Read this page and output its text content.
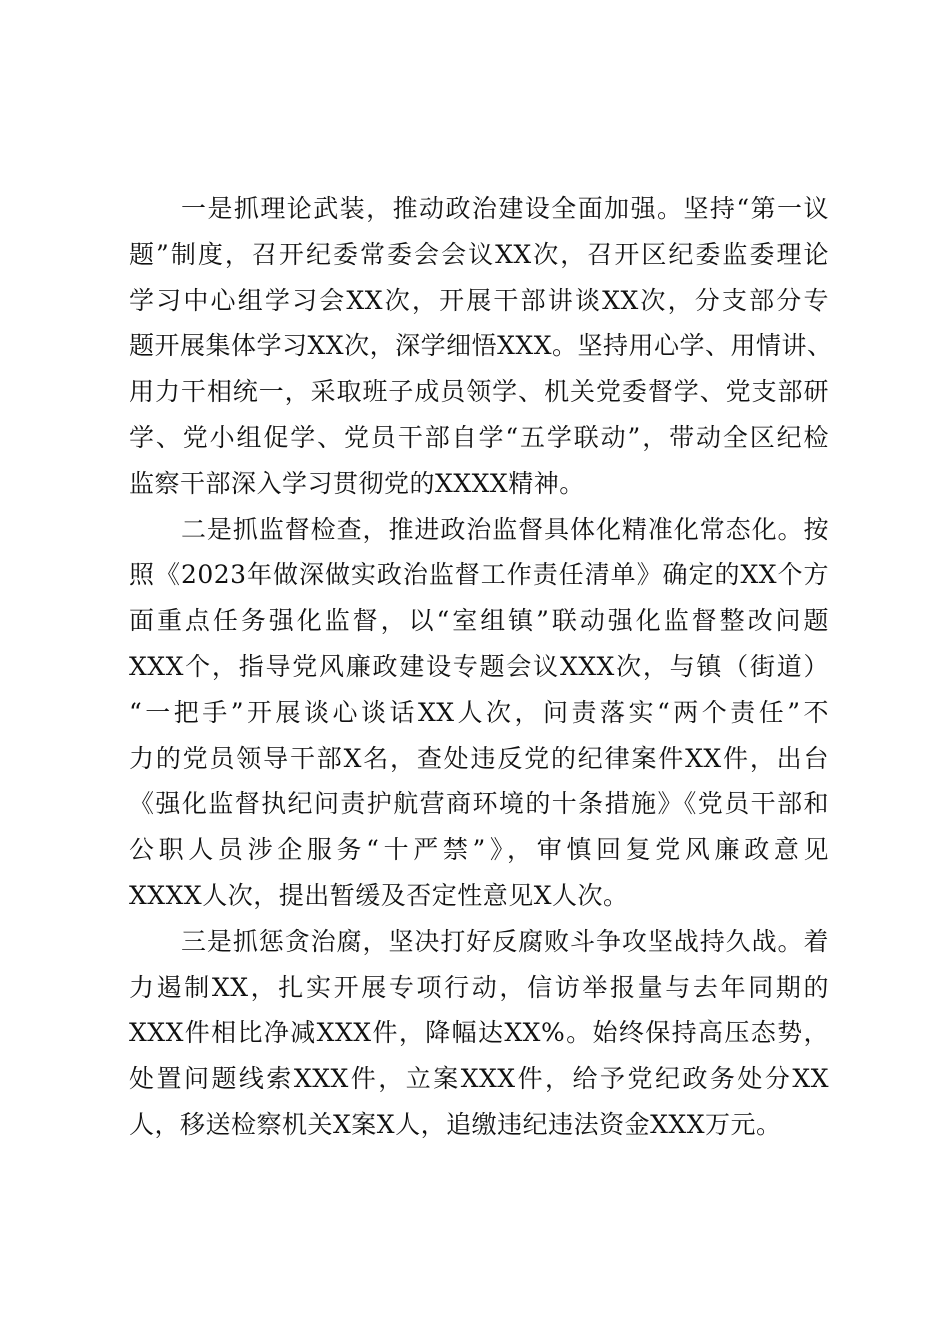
一是抓理论武装，推动政治建设全面加强。坚持“第一议
题”制度，召开纪委常委会会议XX次，召开区纪委监委理论
学习中心组学习会XX次，开展干部讲谈XX次，分支部分专
题开展集体学习XX次，深学细悟XXX。坚持用心学、用情讲、
用力干相统一，采取班子成员领学、机关党委督学、党支部研
学、党小组促学、党员干部自学“五学联动”，带动全区纪检
监察干部深入学习贯彻党的XXXX精神。
二是抓监督检查，推进政治监督具体化精准化常态化。按
照《2023年做深做实政治监督工作责任清单》确定的XX个方
面重点任务强化监督，以“室组镇”联动强化监督整改问题
XXX个，指导党风廉政建设专题会议XXX次，与镇（街道）
“一把手”开展谈心谈话XX人次，问责落实“两个责任”不
力的党员领导干部X名，查处违反党的纪律案件XX件，出台
《强化监督执纪问责护航营商环境的十条措施》《党员干部和
公职人员涉企服务“十严禁”》，审慎回复党风廉政意见
XXXX人次，提出暂缓及否定性意见X人次。
三是抓惩贪治腐，坚决打好反腐败斗争攻坚战持久战。着
力遏制XX，扎实开展专项行动，信访举报量与去年同期的
XXX件相比净减XXX件，降幅达XX%。始终保持高压态势，
处置问题线索XXX件，立案XXX件，给予党纪政务处分XX
人，移送检察机关X案X人，追缴违纪违法资金XXX万元。
